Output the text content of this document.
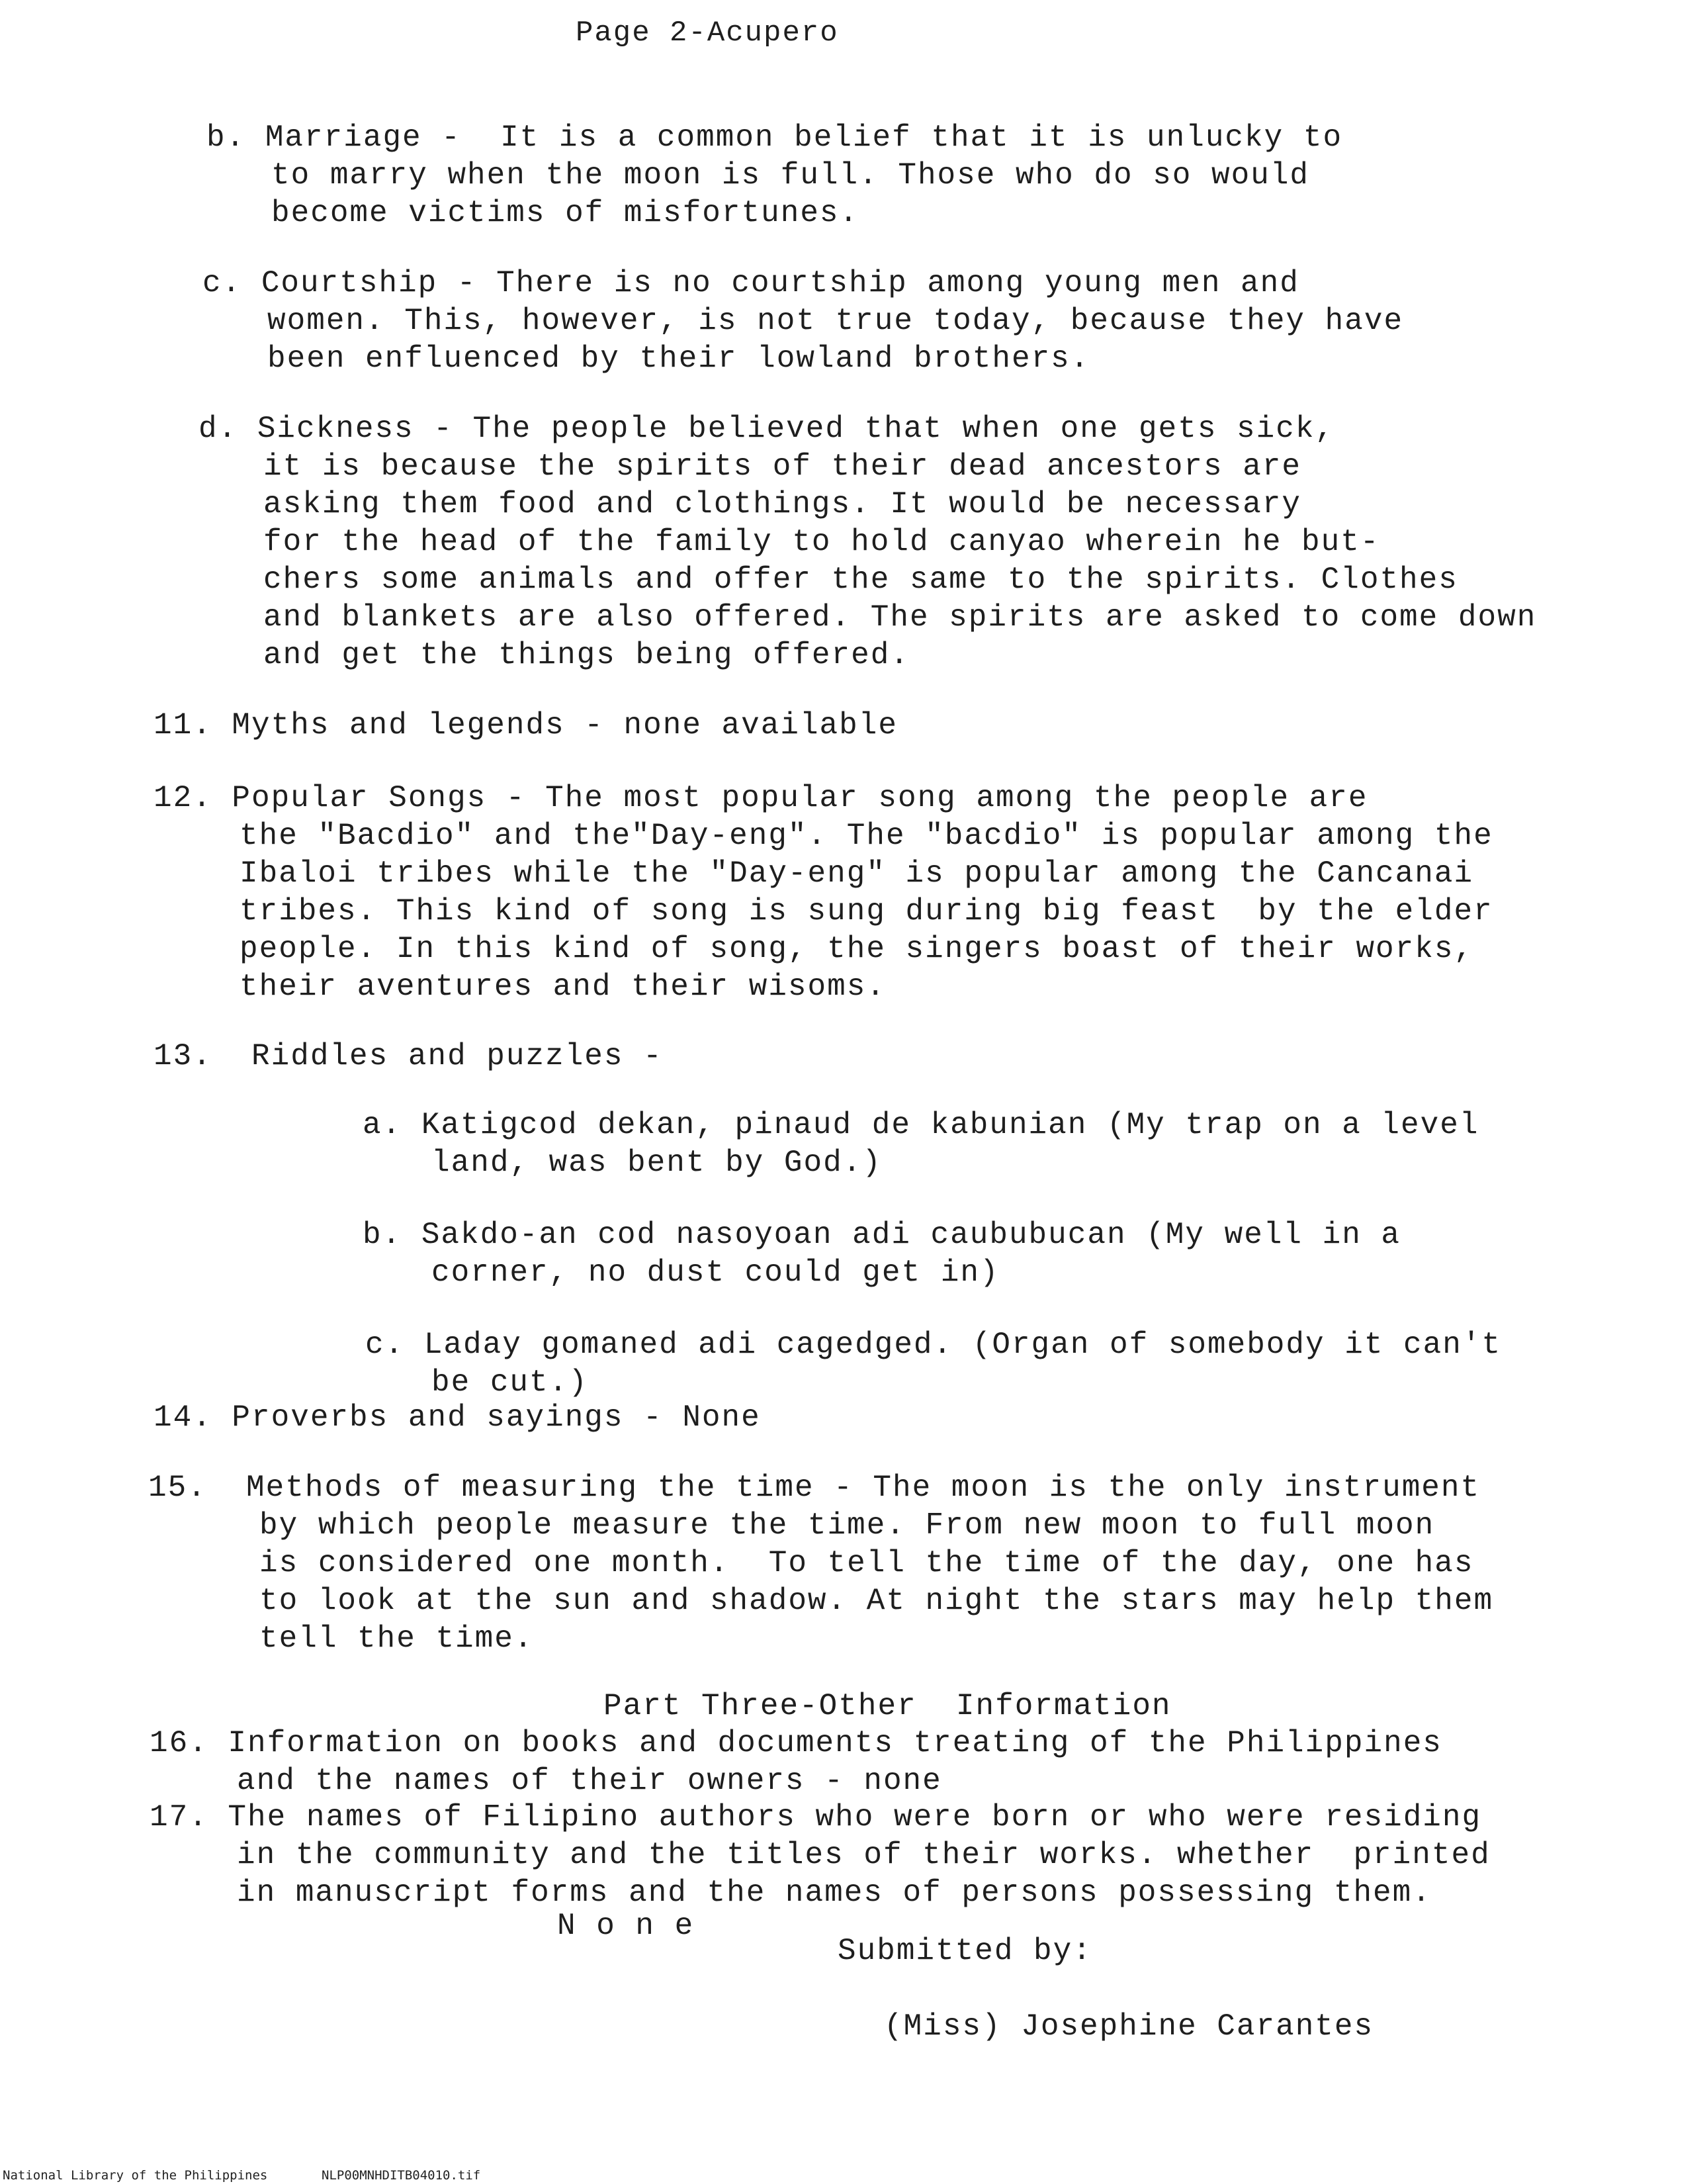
Page 2-Acupero
b. Marriage -  It is a common belief that it is unlucky to
to marry when the moon is full. Those who do so would
become victims of misfortunes.
c. Courtship - There is no courtship among young men and
women. This, however, is not true today, because they have
been enfluenced by their lowland brothers.
d. Sickness - The people believed that when one gets sick,
it is because the spirits of their dead ancestors are
asking them food and clothings. It would be necessary
for the head of the family to hold canyao wherein he but-
chers some animals and offer the same to the spirits. Clothes
and blankets are also offered. The spirits are asked to come down
and get the things being offered.
11. Myths and legends - none available
12. Popular Songs - The most popular song among the people are
the "Bacdio" and the"Day-eng". The "bacdio" is popular among the
Ibaloi tribes while the "Day-eng" is popular among the Cancanai
tribes. This kind of song is sung during big feast  by the elder
people. In this kind of song, the singers boast of their works,
their aventures and their wisoms.
13.  Riddles and puzzles -
a. Katigcod dekan, pinaud de kabunian (My trap on a level
land, was bent by God.)
b. Sakdo-an cod nasoyoan adi caububucan (My well in a
corner, no dust could get in)
c. Laday gomaned adi cagedged. (Organ of somebody it can't
be cut.)
14. Proverbs and sayings - None
15.  Methods of measuring the time - The moon is the only instrument
by which people measure the time. From new moon to full moon
is considered one month.  To tell the time of the day, one has
to look at the sun and shadow. At night the stars may help them
tell the time.
Part Three-Other  Information
16. Information on books and documents treating of the Philippines
and the names of their owners - none
17. The names of Filipino authors who were born or who were residing
in the community and the titles of their works. whether  printed
in manuscript forms and the names of persons possessing them.
N o n e
Submitted by:
(Miss) Josephine Carantes
National Library of the Philippines	NLP00MNHDITB04010.tif
